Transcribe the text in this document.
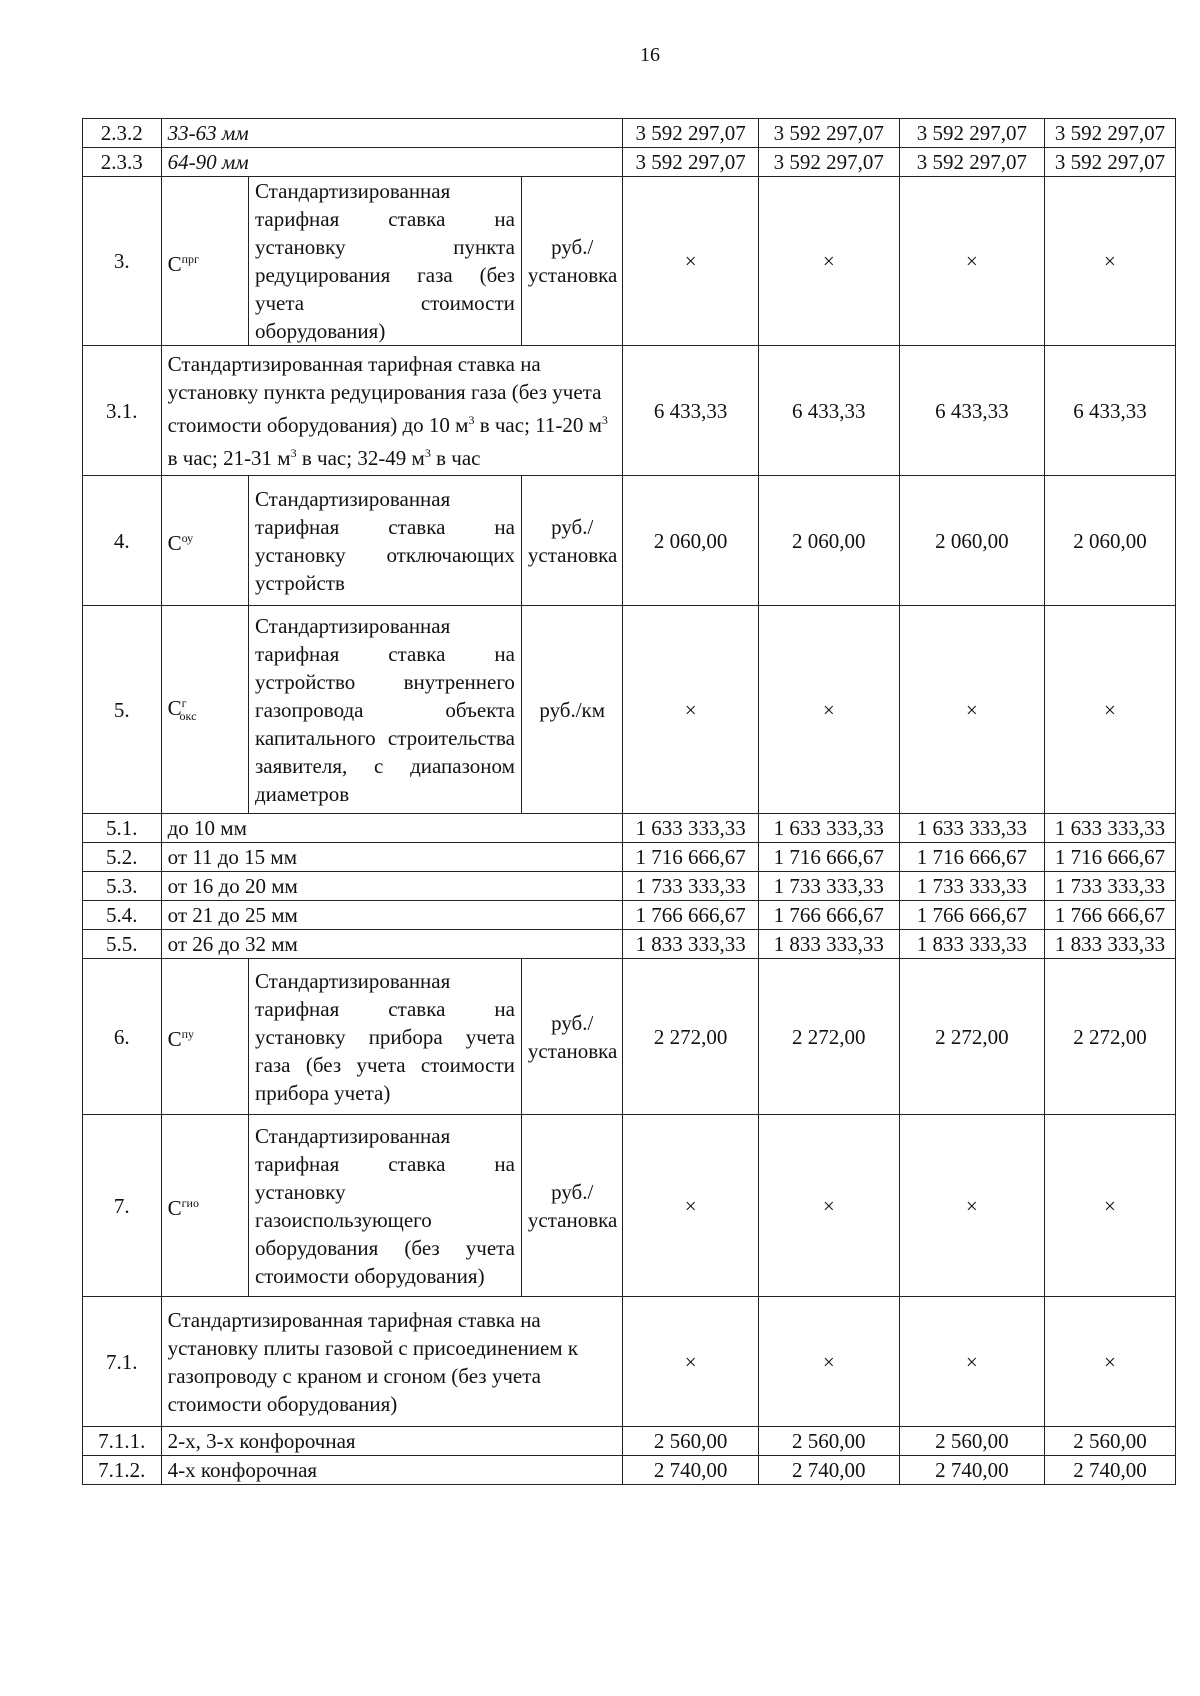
16
2.3.2	33-63 мм			3 592 297,07	3 592 297,07	3 592 297,07	3 592 297,07
2.3.3	64-90 мм			3 592 297,07	3 592 297,07	3 592 297,07	3 592 297,07
3.	$C^{прг}$	Стандартизированная тарифная ставка на установку пункта редуцирования газа (без учета стоимости оборудования)	руб./установка	×	×	×	×
3.1.	Стандартизированная тарифная ставка на установку пункта редуцирования газа (без учета стоимости оборудования) до 10 $м^3$ в час; 11-20 $м^3$ в час; 21-31 $м^3$ в час; 32-49 $м^3$ в час			6 433,33	6 433,33	6 433,33	6 433,33
4.	$C^{оу}$	Стандартизированная тарифная ставка на установку отключающих устройств	руб./установка	2 060,00	2 060,00	2 060,00	2 060,00
5.	$C^г_{окс}$	Стандартизированная тарифная ставка на устройство внутреннего газопровода объекта капитального строительства заявителя, с диапазоном диаметров	руб./км	×	×	×	×
5.1.	до 10 мм			1 633 333,33	1 633 333,33	1 633 333,33	1 633 333,33
5.2.	от 11 до 15 мм			1 716 666,67	1 716 666,67	1 716 666,67	1 716 666,67
5.3.	от 16 до 20 мм			1 733 333,33	1 733 333,33	1 733 333,33	1 733 333,33
5.4.	от 21 до 25 мм			1 766 666,67	1 766 666,67	1 766 666,67	1 766 666,67
5.5.	от 26 до 32 мм			1 833 333,33	1 833 333,33	1 833 333,33	1 833 333,33
6.	$C^{пу}$	Стандартизированная тарифная ставка на установку прибора учета газа (без учета стоимости прибора учета)	руб./установка	2 272,00	2 272,00	2 272,00	2 272,00
7.	$C^{гио}$	Стандартизированная тарифная ставка на установку газоиспользующего оборудования (без учета стоимости оборудования)	руб./установка	×	×	×	×
7.1.	Стандартизированная тарифная ставка на установку плиты газовой с присоединением к газопроводу с краном и сгоном (без учета стоимости оборудования)			×	×	×	×
7.1.1.	2-х, 3-х конфорочная			2 560,00	2 560,00	2 560,00	2 560,00
7.1.2.	4-х конфорочная			2 740,00	2 740,00	2 740,00	2 740,00
